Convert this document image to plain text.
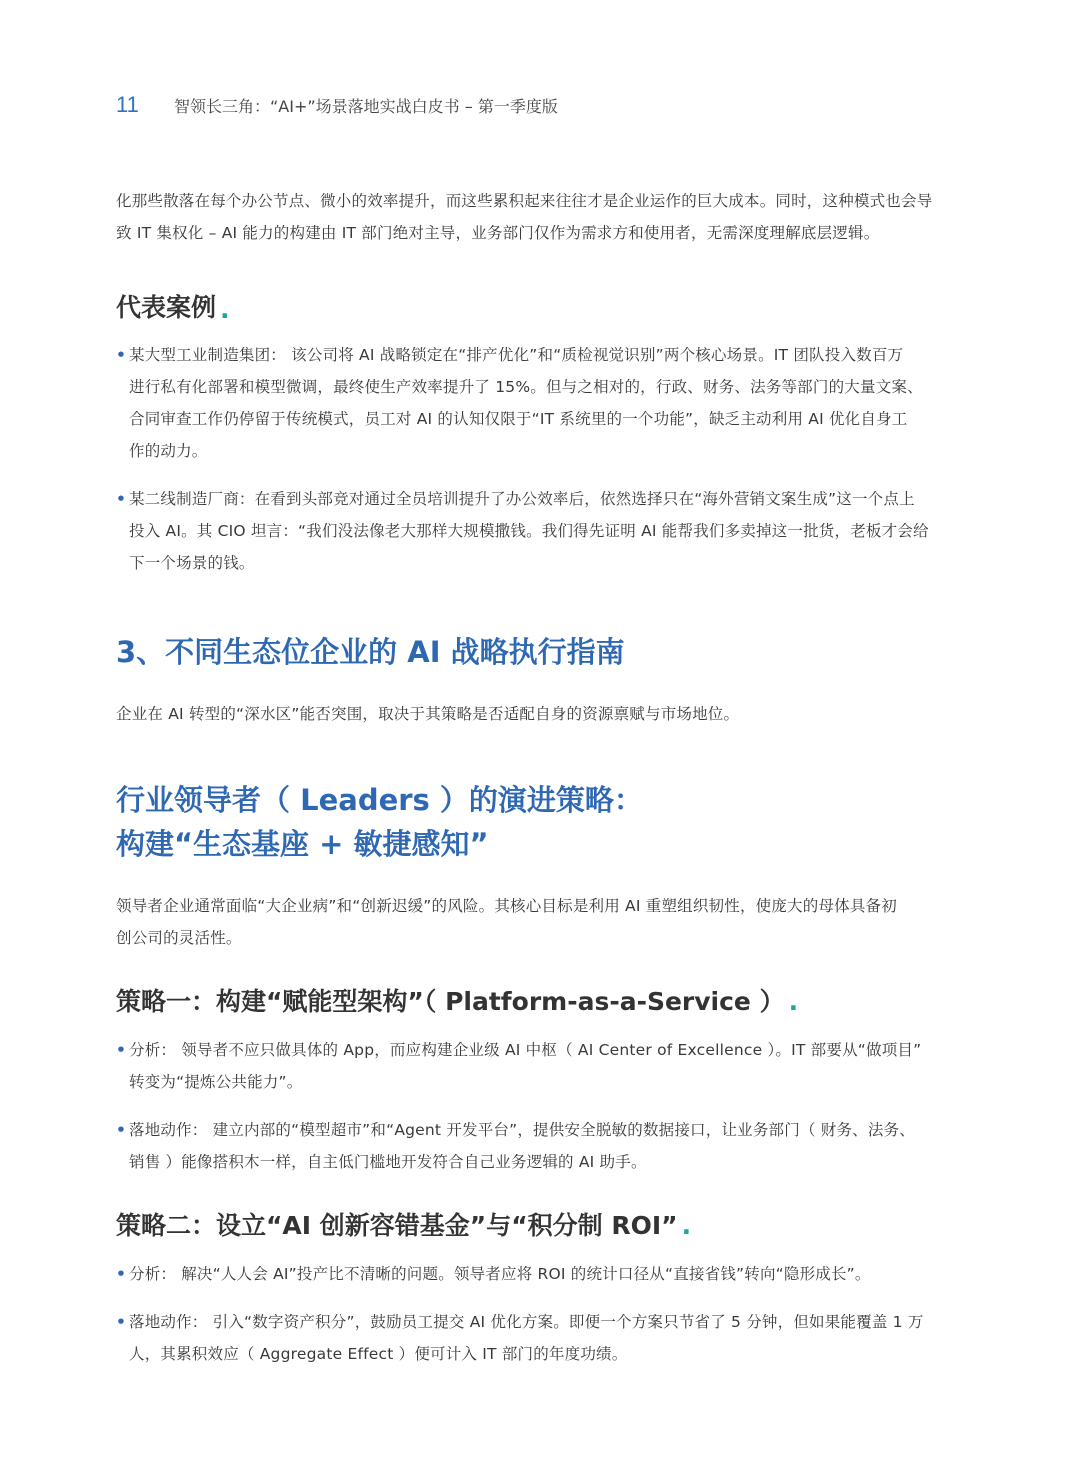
11	智领长三角：“AI+”场景落地实战白皮书 – 第一季度版

化那些散落在每个办公节点、微小的效率提升，而这些累积起来往往才是企业运作的巨大成本。同时，这种模式也会导

致 IT 集权化 – AI 能力的构建由 IT 部门绝对主导，业务部门仅作为需求方和使用者，无需深度理解底层逻辑。

代表案例 .
• 某大型工业制造集团： 该公司将 AI 战略锁定在“排产优化”和“质检视觉识别”两个核心场景。IT 团队投入数百万
进行私有化部署和模型微调，最终使生产效率提升了 15%。但与之相对的，行政、财务、法务等部门的大量文案、
合同审查工作仍停留于传统模式，员工对 AI 的认知仅限于“IT 系统里的一个功能”，缺乏主动利用 AI 优化自身工
作的动力。
• 某二线制造厂商：在看到头部竞对通过全员培训提升了办公效率后，依然选择只在“海外营销文案生成”这一个点上
投入 AI。其 CIO 坦言：“我们没法像老大那样大规模撒钱。我们得先证明 AI 能帮我们多卖掉这一批货，老板才会给
下一个场景的钱。
3、不同生态位企业的 AI 战略执行指南

企业在 AI 转型的“深水区”能否突围，取决于其策略是否适配自身的资源禀赋与市场地位。

行业领导者（ Leaders ）的演进策略：
构建“生态基座 + 敏捷感知”

领导者企业通常面临“大企业病”和“创新迟缓”的风险。其核心目标是利用 AI 重塑组织韧性，使庞大的母体具备初

创公司的灵活性。

策略一：构建“赋能型架构”（ Platform-as-a-Service ） .
• 分析： 领导者不应只做具体的 App，而应构建企业级 AI 中枢（ AI Center of Excellence ）。IT 部要从“做项目”
转变为“提炼公共能力”。
• 落地动作： 建立内部的“模型超市”和“Agent 开发平台”，提供安全脱敏的数据接口，让业务部门（ 财务、法务、
销售 ）能像搭积木一样，自主低门槛地开发符合自己业务逻辑的 AI 助手。
策略二：设立“AI 创新容错基金”与“积分制 ROI” .
• 分析： 解决“人人会 AI”投产比不清晰的问题。领导者应将 ROI 的统计口径从“直接省钱”转向“隐形成长”。
• 落地动作： 引入“数字资产积分”，鼓励员工提交 AI 优化方案。即便一个方案只节省了 5 分钟，但如果能覆盖 1 万
人，其累积效应（ Aggregate Effect ）便可计入 IT 部门的年度功绩。
